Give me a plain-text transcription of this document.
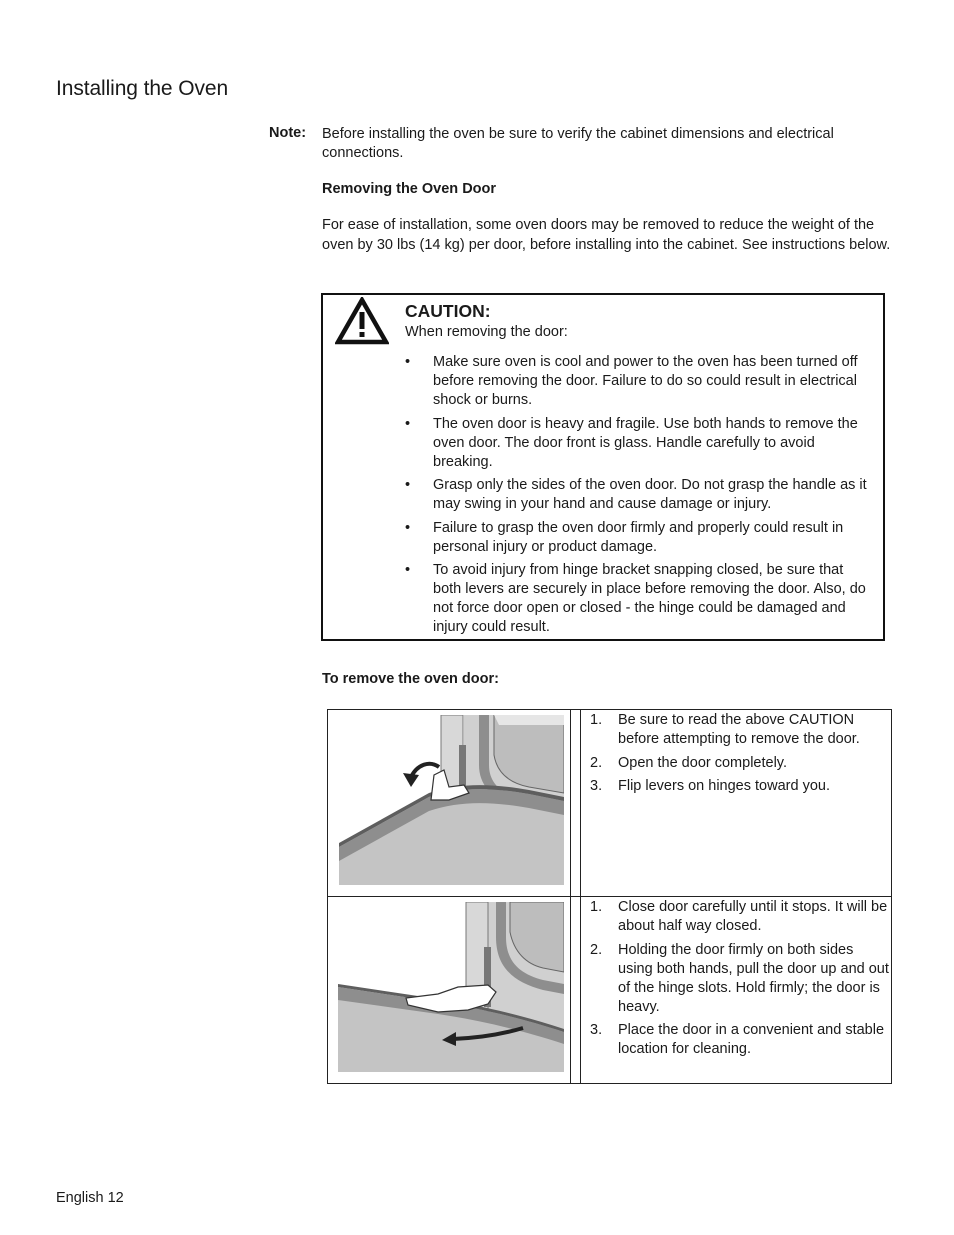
Installing the Oven
Note: Before installing the oven be sure to verify the cabinet dimensions and electrical connections.
Removing the Oven Door
For ease of installation, some oven doors may be removed to reduce the weight of the oven by 30 lbs (14 kg) per door, before installing into the cabinet. See instructions below.
CAUTION:
When removing the door:
• Make sure oven is cool and power to the oven has been turned off before removing the door. Failure to do so could result in electrical shock or burns.
• The oven door is heavy and fragile. Use both hands to remove the oven door. The door front is glass. Handle carefully to avoid breaking.
• Grasp only the sides of the oven door. Do not grasp the handle as it may swing in your hand and cause damage or injury.
• Failure to grasp the oven door firmly and properly could result in personal injury or product damage.
• To avoid injury from hinge bracket snapping closed, be sure that both levers are securely in place before removing the door. Also, do not force door open or closed - the hinge could be damaged and injury could result.
To remove the oven door:
1. Be sure to read the above CAUTION before attempting to remove the door.
2. Open the door completely.
3. Flip levers on hinges toward you.
1. Close door carefully until it stops. It will be about half way closed.
2. Holding the door firmly on both sides using both hands, pull the door up and out of the hinge slots. Hold firmly; the door is heavy.
3. Place the door in a convenient and stable location for cleaning.
English 12
